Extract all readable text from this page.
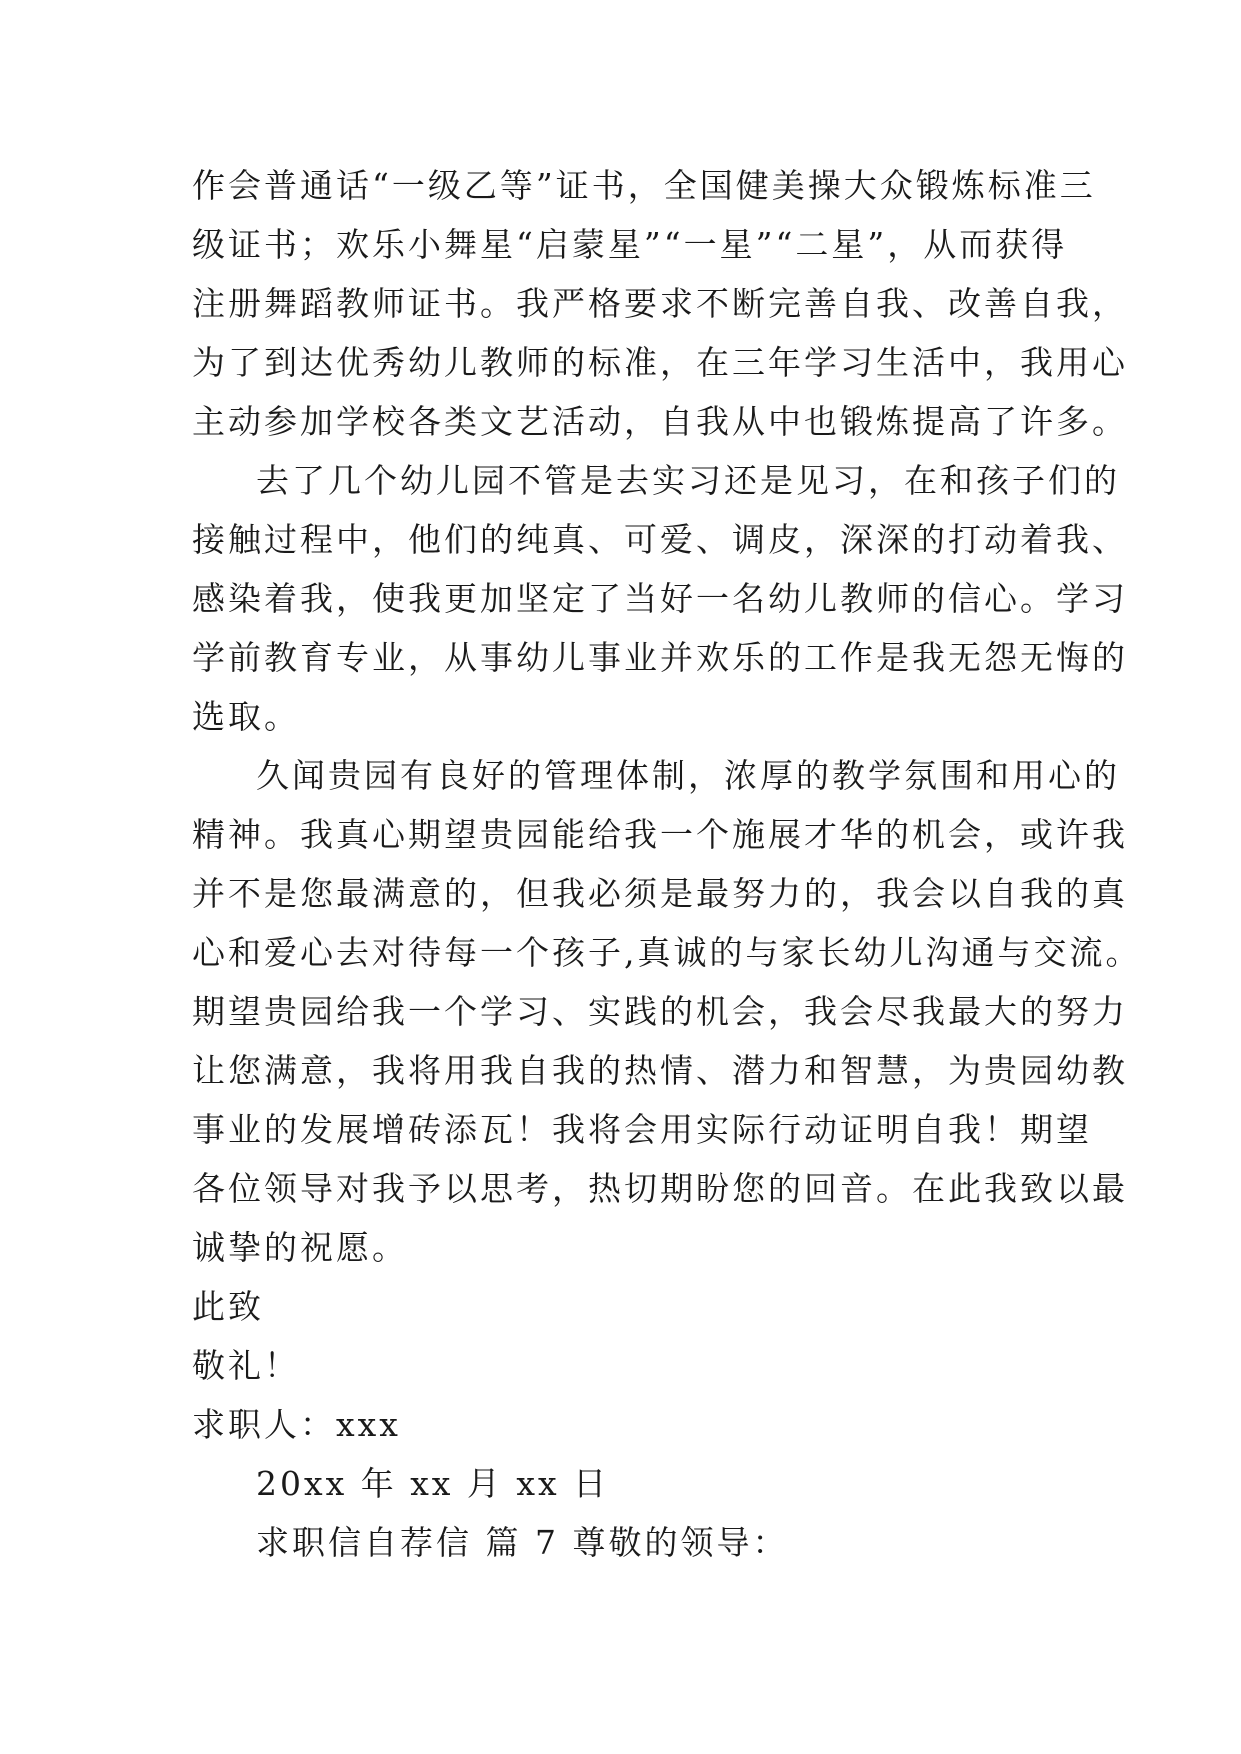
作会普通话“一级乙等”证书，全国健美操大众锻炼标准三
级证书；欢乐小舞星“启蒙星”“一星”“二星”，从而获得
注册舞蹈教师证书。我严格要求不断完善自我、改善自我，
为了到达优秀幼儿教师的标准，在三年学习生活中，我用心
主动参加学校各类文艺活动，自我从中也锻炼提高了许多。
去了几个幼儿园不管是去实习还是见习，在和孩子们的
接触过程中，他们的纯真、可爱、调皮，深深的打动着我、
感染着我，使我更加坚定了当好一名幼儿教师的信心。学习
学前教育专业，从事幼儿事业并欢乐的工作是我无怨无悔的
选取。
久闻贵园有良好的管理体制，浓厚的教学氛围和用心的
精神。我真心期望贵园能给我一个施展才华的机会，或许我
并不是您最满意的，但我必须是最努力的，我会以自我的真
心和爱心去对待每一个孩子,真诚的与家长幼儿沟通与交流。
期望贵园给我一个学习、实践的机会，我会尽我最大的努力
让您满意，我将用我自我的热情、潜力和智慧，为贵园幼教
事业的发展增砖添瓦！我将会用实际行动证明自我！期望
各位领导对我予以思考，热切期盼您的回音。在此我致以最
诚挚的祝愿。
此致
敬礼！
求职人：xxx
20xx 年 xx 月 xx 日
求职信自荐信 篇 7 尊敬的领导：
